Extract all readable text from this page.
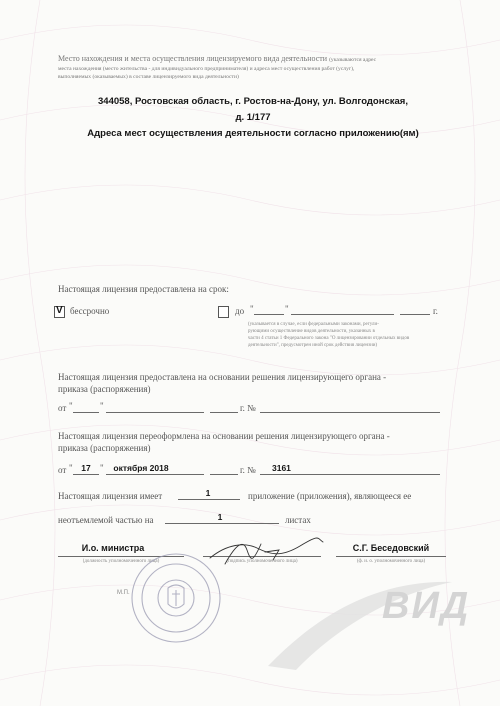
Место нахождения и места осуществления лицензируемого вида деятельности (указываются адрес
места нахождения (место жительства - для индивидуального предпринимателя) и адреса мест осуществления работ (услуг),
выполняемых (оказываемых) в составе лицензируемого вида деятельности)
344058, Ростовская область, г. Ростов-на-Дону, ул. Волгодонская,
д. 1/177
Адреса мест осуществления деятельности согласно приложению(ям)
Настоящая лицензия предоставлена на срок:
V бессрочно	до "	"	г.
(указывается в случае, если федеральными законами, регули-
рующими осуществление видов деятельности, указанных в
части 4 статьи 1 Федерального закона "О лицензировании отдельных видов
деятельности", предусмотрен иной срок действия лицензии)
Настоящая лицензия предоставлена на основании решения лицензирующего органа -
приказа (распоряжения)
от "	"	г. №
Настоящая лицензия переоформлена на основании решения лицензирующего органа -
приказа (распоряжения)
от "	17	"	октября 2018	г. № 3161
Настоящая лицензия имеет	1	приложение (приложения), являющееся ее
неотъемлемой частью на	1	листах
И.о. министра
(должность уполномоченного лица)	(подпись уполномоченного лица)
С.Г. Беседовский
(ф. и. о. уполномоченного лица)
М.П.	ВИД
